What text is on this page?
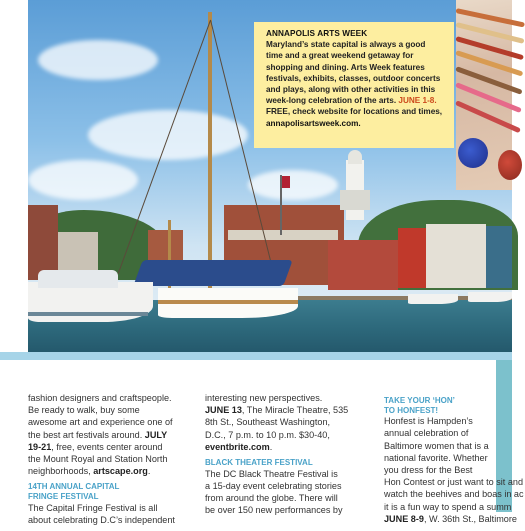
ANNAPOLIS ARTS WEEK
Maryland’s state capital is always a good time and a great weekend getaway for shopping and dining. Arts Week features festivals, exhibits, classes, outdoor concerts and plays, along with other activities in this week-long celebration of the arts. JUNE 1-8. FREE, check website for locations and times, annapolisartsweek.com.

fashion designers and craftspeople. Be ready to walk, buy some awesome art and experience one of the best art festivals around. JULY 19-21, free, events center around the Mount Royal and Station North neighborhoods, artscape.org.

14TH ANNUAL CAPITAL
FRINGE FESTIVAL

The Capital Fringe Festival is all
about celebrating D.C’s independent

interesting new perspectives.
JUNE 13, The Miracle Theatre, 535 8th St., Southeast Washington, D.C., 7 p.m. to 10 p.m. $30-40, eventbrite.com.

BLACK THEATER FESTIVAL

The DC Black Theatre Festival is
a 15-day event celebrating stories
from around the globe. There will
be over 150 new performances by

TAKE YOUR ‘HON’
TO HONFEST!

Honfest is Hampden’s
annual celebration of
Baltimore women that is a
national favorite. Whether
you dress for the Best
Hon Contest or just want to sit and
watch the beehives and boas in ac
it is a fun way to spend a summ
JUNE 8-9, W. 36th St., Baltimore
